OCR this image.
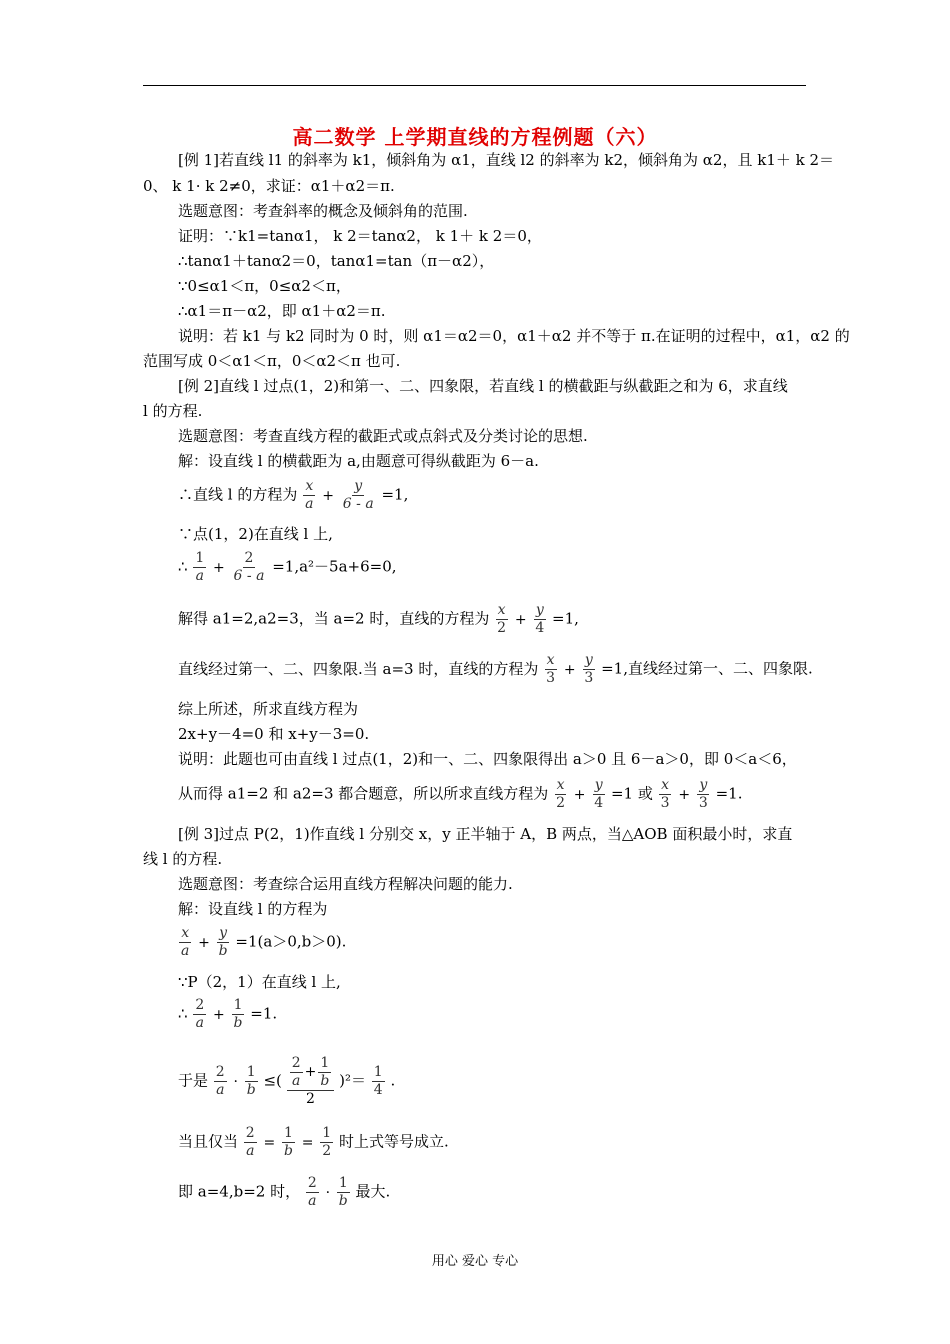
高二数学 上学期直线的方程例题（六）
[例 1]若直线 l1 的斜率为 k1，倾斜角为 α1，直线 l2 的斜率为 k2，倾斜角为 α2，且 k1＋ k 2＝
0、 k 1· k 2≠0，求证：α1＋α2＝π.
选题意图：考查斜率的概念及倾斜角的范围.
证明：∵k1=tanα1， k 2＝tanα2， k 1＋ k 2＝0，
∴tanα1＋tanα2＝0，tanα1=tan（π－α2），
∵0≤α1＜π，0≤α2＜π，
∴α1＝π－α2，即 α1＋α2＝π.
说明：若 k1 与 k2 同时为 0 时，则 α1＝α2＝0，α1＋α2 并不等于 π.在证明的过程中，α1，α2 的
范围写成 0＜α1＜π，0＜α2＜π 也可.
[例 2]直线 l 过点(1，2)和第一、二、四象限，若直线 l 的横截距与纵截距之和为 6，求直线
l 的方程.
选题意图：考查直线方程的截距式或点斜式及分类讨论的思想.
解：设直线 l 的横截距为 a,由题意可得纵截距为 6－a.
∴直线 l 的方程为 $\frac{x}{a} + \frac{y}{6 - a} =1$,
∵点(1，2)在直线 l 上,
∴ $\frac{1}{a} + \frac{2}{6 - a} =1,a^2-5a+6=0$,
解得 a1=2,a2=3，当 a=2 时，直线的方程为 $\frac{x}{2} + \frac{y}{4} =1$,
直线经过第一、二、四象限.当 a=3 时，直线的方程为 $\frac{x}{3} + \frac{y}{3} =1$,直线经过第一、二、四象限.
综上所述，所求直线方程为
2x+y－4=0 和 x+y－3=0.
说明：此题也可由直线 l 过点(1，2)和一、二、四象限得出 a＞0 且 6－a＞0，即 0＜a＜6，
从而得 a1=2 和 a2=3 都合题意，所以所求直线方程为 $\frac{x}{2} + \frac{y}{4} =1$ 或 $\frac{x}{3} + \frac{y}{3} =1$.
[例 3]过点 P(2，1)作直线 l 分别交 x，y 正半轴于 A，B 两点，当△AOB 面积最小时，求直
线 l 的方程.
选题意图：考查综合运用直线方程解决问题的能力.
解：设直线 l 的方程为
$\frac{x}{a} + \frac{y}{b} =1(a>0,b>0)$.
∵P（2，1）在直线 l 上,
∴ $\frac{2}{a} + \frac{1}{b} =1$.
于是 $\frac{2}{a} \cdot \frac{1}{b}$ ≤( $\frac{\frac{2}{a} + \frac{1}{b}}{2} )^2= \frac{1}{4}$ .
当且仅当 $\frac{2}{a} = \frac{1}{b} = \frac{1}{2}$ 时上式等号成立.
即 a=4,b=2 时， $\frac{2}{a} \cdot \frac{1}{b}$ 最大.
用心 爱心 专心
